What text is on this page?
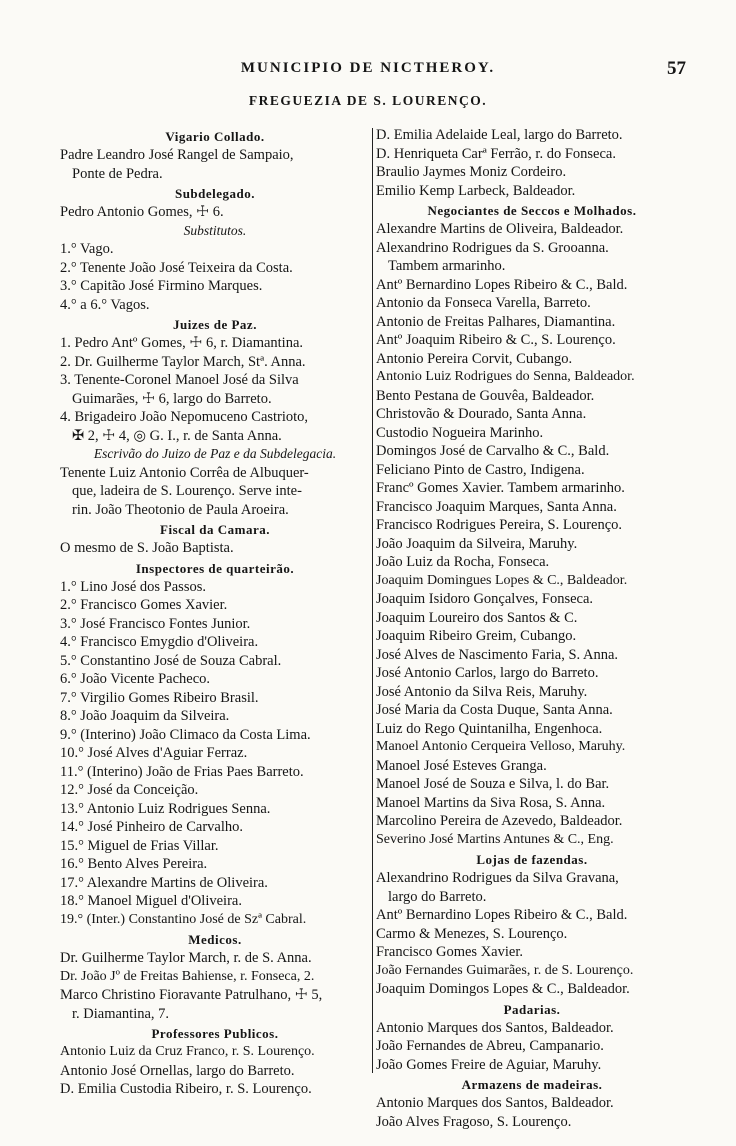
MUNICIPIO DE NICTHEROY.	57
FREGUEZIA DE S. LOURENÇO.
Vigario Collado.
Padre Leandro José Rangel de Sampaio,
Ponte de Pedra.
Subdelegado.
Pedro Antonio Gomes, ☩ 6.
Substitutos.
1.° Vago.
2.° Tenente João José Teixeira da Costa.
3.° Capitão José Firmino Marques.
4.° a 6.° Vagos.
Juizes de Paz.
1. Pedro Antº Gomes, ☩ 6, r. Diamantina.
2. Dr. Guilherme Taylor March, Stª. Anna.
3. Tenente-Coronel Manoel José da Silva
Guimarães, ☩ 6, largo do Barreto.
4. Brigadeiro João Nepomuceno Castrioto,
✠ 2, ☩ 4, ◎ G. I., r. de Santa Anna.
Escrivão do Juizo de Paz e da Subdelegacia.
Tenente Luiz Antonio Corrêa de Albuquer-
que, ladeira de S. Lourenço. Serve inte-
rin. João Theotonio de Paula Aroeira.
Fiscal da Camara.
O mesmo de S. João Baptista.
Inspectores de quarteirão.
1.° Lino José dos Passos.
2.° Francisco Gomes Xavier.
3.° José Francisco Fontes Junior.
4.° Francisco Emygdio d'Oliveira.
5.° Constantino José de Souza Cabral.
6.° João Vicente Pacheco.
7.° Virgilio Gomes Ribeiro Brasil.
8.° João Joaquim da Silveira.
9.° (Interino) João Climaco da Costa Lima.
10.° José Alves d'Aguiar Ferraz.
11.° (Interino) João de Frias Paes Barreto.
12.° José da Conceição.
13.° Antonio Luiz Rodrigues Senna.
14.° José Pinheiro de Carvalho.
15.° Miguel de Frias Villar.
16.° Bento Alves Pereira.
17.° Alexandre Martins de Oliveira.
18.° Manoel Miguel d'Oliveira.
19.° (Inter.) Constantino José de Szª Cabral.
Medicos.
Dr. Guilherme Taylor March, r. de S. Anna.
Dr. João Jº de Freitas Bahiense, r. Fonseca, 2.
Marco Christino Fioravante Patrulhano, ☩ 5,
r. Diamantina, 7.
Professores Publicos.
Antonio Luiz da Cruz Franco, r. S. Lourenço.
Antonio José Ornellas, largo do Barreto.
D. Emilia Custodia Ribeiro, r. S. Lourenço.
D. Emilia Adelaide Leal, largo do Barreto.
D. Henriqueta Carª Ferrão, r. do Fonseca.
Braulio Jaymes Moniz Cordeiro.
Emilio Kemp Larbeck, Baldeador.
Negociantes de Seccos e Molhados.
Alexandre Martins de Oliveira, Baldeador.
Alexandrino Rodrigues da S. Grooanna.
Tambem armarinho.
Antº Bernardino Lopes Ribeiro & C., Bald.
Antonio da Fonseca Varella, Barreto.
Antonio de Freitas Palhares, Diamantina.
Antº Joaquim Ribeiro & C., S. Lourenço.
Antonio Pereira Corvit, Cubango.
Antonio Luiz Rodrigues do Senna, Baldeador.
Bento Pestana de Gouvêa, Baldeador.
Christovão & Dourado, Santa Anna.
Custodio Nogueira Marinho.
Domingos José de Carvalho & C., Bald.
Feliciano Pinto de Castro, Indigena.
Francº Gomes Xavier. Tambem armarinho.
Francisco Joaquim Marques, Santa Anna.
Francisco Rodrigues Pereira, S. Lourenço.
João Joaquim da Silveira, Maruhy.
João Luiz da Rocha, Fonseca.
Joaquim Domingues Lopes & C., Baldeador.
Joaquim Isidoro Gonçalves, Fonseca.
Joaquim Loureiro dos Santos & C.
Joaquim Ribeiro Greim, Cubango.
José Alves de Nascimento Faria, S. Anna.
José Antonio Carlos, largo do Barreto.
José Antonio da Silva Reis, Maruhy.
José Maria da Costa Duque, Santa Anna.
Luiz do Rego Quintanilha, Engenhoca.
Manoel Antonio Cerqueira Velloso, Maruhy.
Manoel José Esteves Granga.
Manoel José de Souza e Silva, l. do Bar.
Manoel Martins da Siva Rosa, S. Anna.
Marcolino Pereira de Azevedo, Baldeador.
Severino José Martins Antunes & C., Eng.
Lojas de fazendas.
Alexandrino Rodrigues da Silva Gravana,
largo do Barreto.
Antº Bernardino Lopes Ribeiro & C., Bald.
Carmo & Menezes, S. Lourenço.
Francisco Gomes Xavier.
João Fernandes Guimarães, r. de S. Lourenço.
Joaquim Domingos Lopes & C., Baldeador.
Padarias.
Antonio Marques dos Santos, Baldeador.
João Fernandes de Abreu, Campanario.
João Gomes Freire de Aguiar, Maruhy.
Armazens de madeiras.
Antonio Marques dos Santos, Baldeador.
João Alves Fragoso, S. Lourenço.
